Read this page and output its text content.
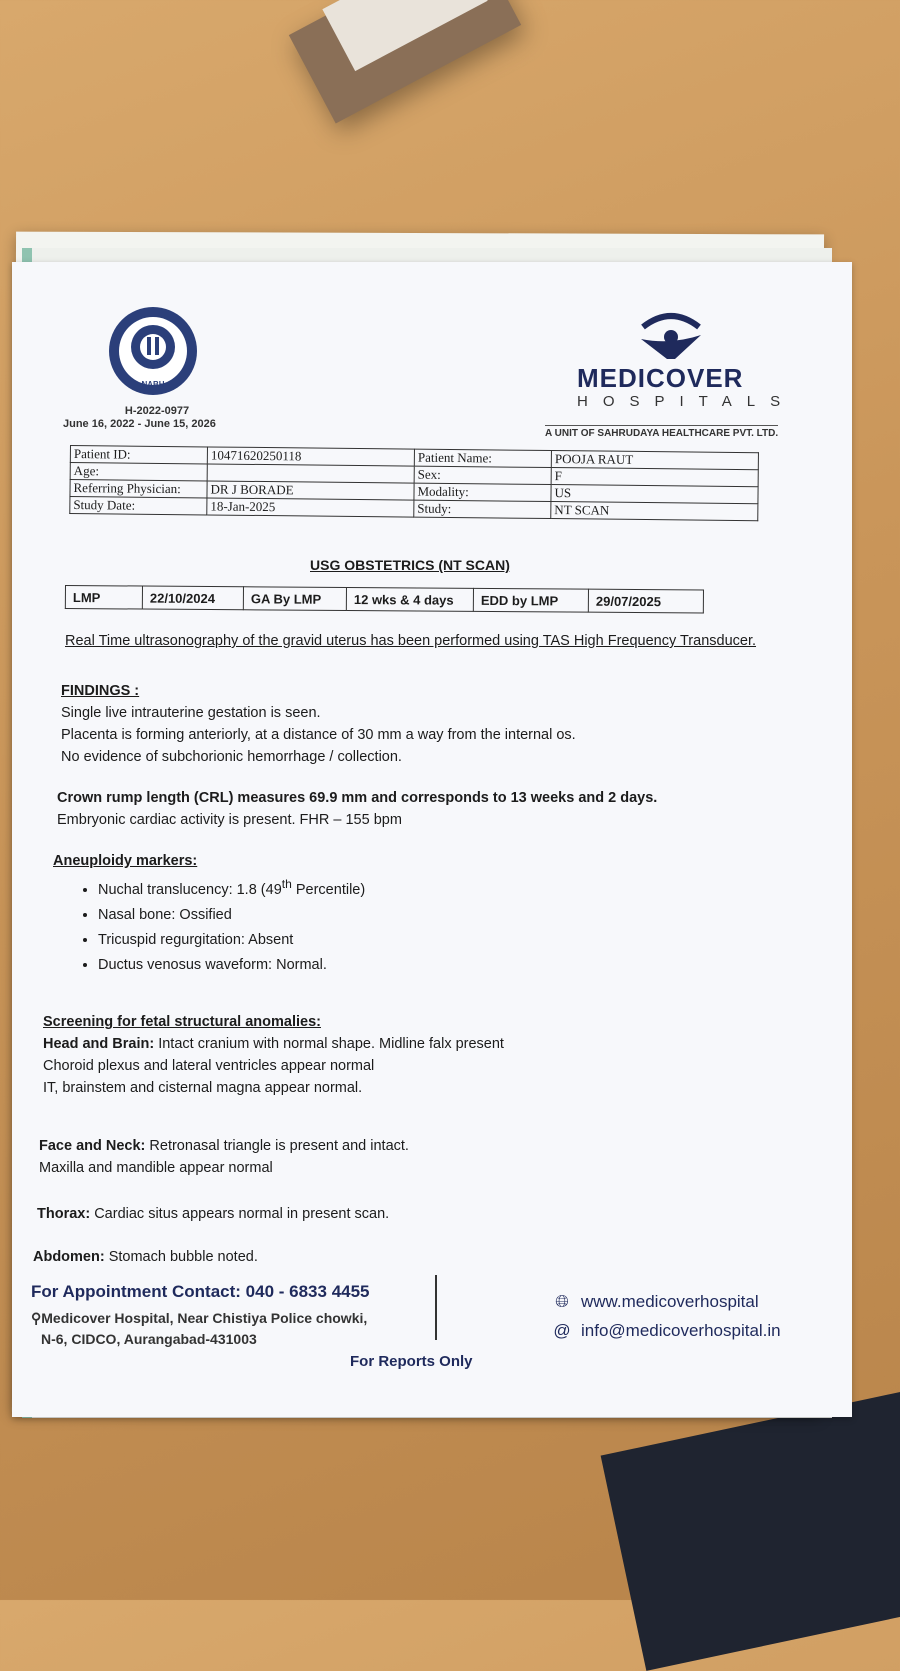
NABH
H-2022-0977
June 16, 2022 - June 15, 2026
MEDICOVER
HOSPITALS
A UNIT OF SAHRUDAYA HEALTHCARE PVT. LTD.
Patient ID:	10471620250118	Patient Name:	POOJA RAUT
Age:		Sex:	F
Referring Physician:	DR J BORADE	Modality:	US
Study Date:	18-Jan-2025	Study:	NT SCAN
USG OBSTETRICS (NT SCAN)
LMP	22/10/2024	GA By LMP	12 wks & 4 days	EDD by LMP	29/07/2025
Real Time ultrasonography of the gravid uterus has been performed using TAS High Frequency Transducer.
FINDINGS :
Single live intrauterine gestation is seen.
Placenta is forming anteriorly, at a distance of 30 mm a way from the internal os.
No evidence of subchorionic hemorrhage / collection.
Crown rump length (CRL) measures 69.9 mm and corresponds to 13 weeks and 2 days.
Embryonic cardiac activity is present. FHR – 155 bpm
Aneuploidy markers:
• Nuchal translucency: 1.8 (49th Percentile)
• Nasal bone: Ossified
• Tricuspid regurgitation: Absent
• Ductus venosus waveform: Normal.
Screening for fetal structural anomalies:
Head and Brain: Intact cranium with normal shape. Midline falx present
Choroid plexus and lateral ventricles appear normal
IT, brainstem and cisternal magna appear normal.
Face and Neck: Retronasal triangle is present and intact.
Maxilla and mandible appear normal
Thorax: Cardiac situs appears normal in present scan.
Abdomen: Stomach bubble noted.
For Appointment Contact: 040 - 6833 4455
⚲Medicover Hospital, Near Chistiya Police chowki,
N-6, CIDCO, Aurangabad-431003
🌐︎ www.medicoverhospital
@ info@medicoverhospital.in
For Reports Only
